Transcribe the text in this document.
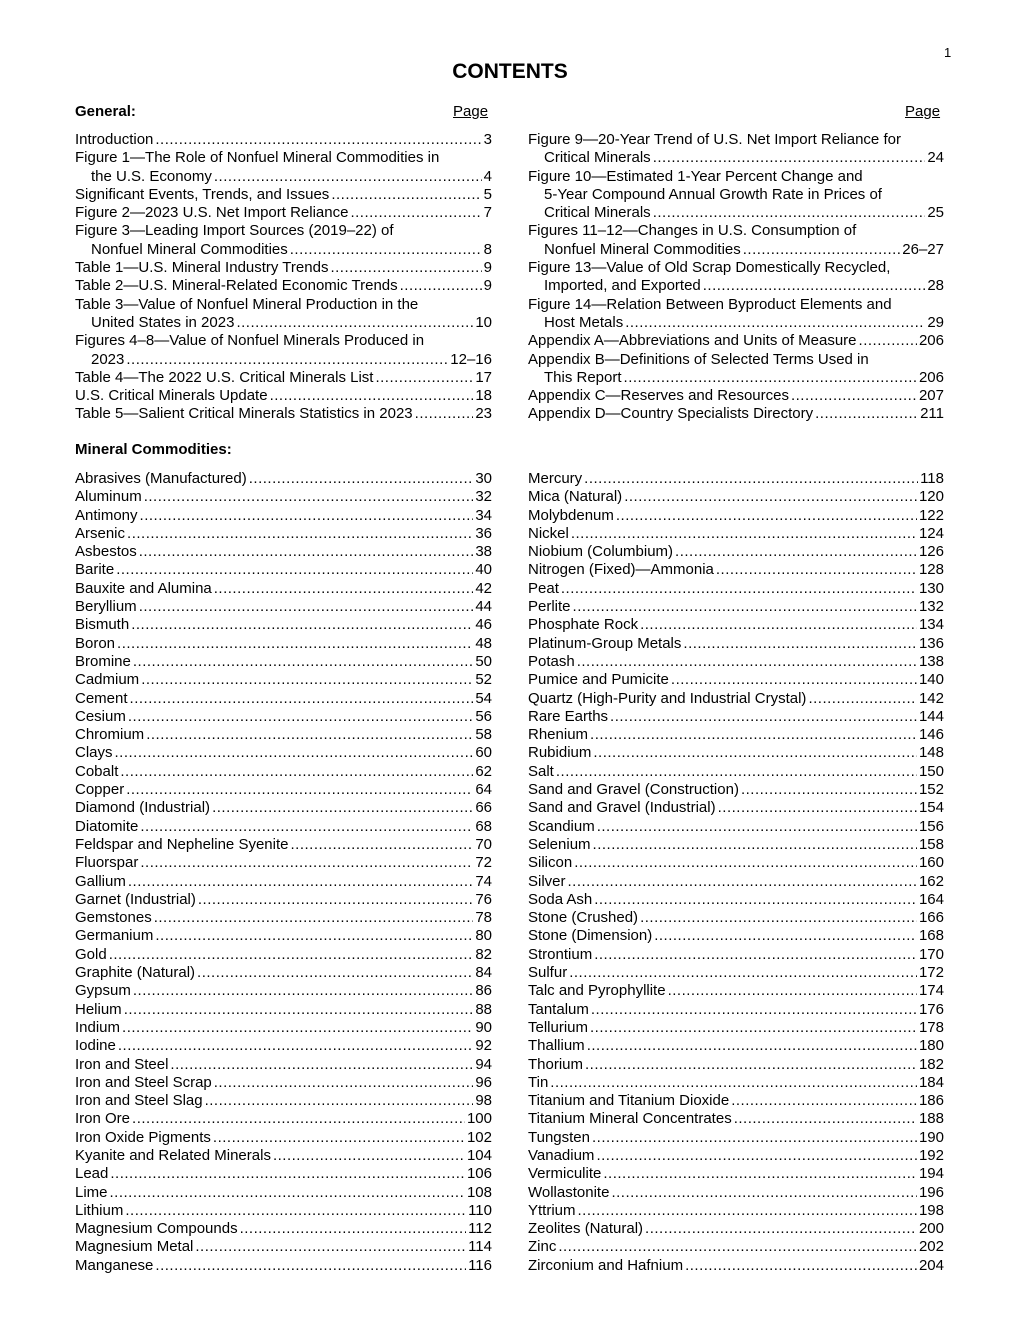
1
CONTENTS
General:	Page	Page
Introduction .....	3
Figure 1—The Role of Nonfuel Mineral Commodities in
the U.S. Economy .....	4
Significant Events, Trends, and Issues .....	5
Figure 2—2023 U.S. Net Import Reliance .....	7
Figure 3—Leading Import Sources (2019–22) of
Nonfuel Mineral Commodities .....	8
Table 1—U.S. Mineral Industry Trends .....	9
Table 2—U.S. Mineral-Related Economic Trends .....	9
Table 3—Value of Nonfuel Mineral Production in the
United States in 2023 .....	10
Figures 4–8—Value of Nonfuel Minerals Produced in
2023 .....	12–16
Table 4—The 2022 U.S. Critical Minerals List .....	17
U.S. Critical Minerals Update .....	18
Table 5—Salient Critical Minerals Statistics in 2023 .....	23
Figure 9—20-Year Trend of U.S. Net Import Reliance for
Critical Minerals .....	24
Figure 10—Estimated 1-Year Percent Change and
5-Year Compound Annual Growth Rate in Prices of
Critical Minerals .....	25
Figures 11–12—Changes in U.S. Consumption of
Nonfuel Mineral Commodities .....	26–27
Figure 13—Value of Old Scrap Domestically Recycled,
Imported, and Exported .....	28
Figure 14—Relation Between Byproduct Elements and
Host Metals .....	29
Appendix A—Abbreviations and Units of Measure .....	206
Appendix B—Definitions of Selected Terms Used in
This Report .....	206
Appendix C—Reserves and Resources .....	207
Appendix D—Country Specialists Directory .....	211
Mineral Commodities:
Abrasives (Manufactured) .....	30
Aluminum .....	32
Antimony .....	34
Arsenic .....	36
Asbestos .....	38
Barite .....	40
Bauxite and Alumina .....	42
Beryllium .....	44
Bismuth .....	46
Boron .....	48
Bromine .....	50
Cadmium .....	52
Cement .....	54
Cesium .....	56
Chromium .....	58
Clays .....	60
Cobalt .....	62
Copper .....	64
Diamond (Industrial) .....	66
Diatomite .....	68
Feldspar and Nepheline Syenite .....	70
Fluorspar .....	72
Gallium .....	74
Garnet (Industrial) .....	76
Gemstones .....	78
Germanium .....	80
Gold .....	82
Graphite (Natural) .....	84
Gypsum .....	86
Helium .....	88
Indium .....	90
Iodine .....	92
Iron and Steel .....	94
Iron and Steel Scrap .....	96
Iron and Steel Slag .....	98
Iron Ore .....	100
Iron Oxide Pigments .....	102
Kyanite and Related Minerals .....	104
Lead .....	106
Lime .....	108
Lithium .....	110
Magnesium Compounds .....	112
Magnesium Metal .....	114
Manganese .....	116
Mercury .....	118
Mica (Natural) .....	120
Molybdenum .....	122
Nickel .....	124
Niobium (Columbium) .....	126
Nitrogen (Fixed)—Ammonia .....	128
Peat .....	130
Perlite .....	132
Phosphate Rock .....	134
Platinum-Group Metals .....	136
Potash .....	138
Pumice and Pumicite .....	140
Quartz (High-Purity and Industrial Crystal) .....	142
Rare Earths .....	144
Rhenium .....	146
Rubidium .....	148
Salt .....	150
Sand and Gravel (Construction) .....	152
Sand and Gravel (Industrial) .....	154
Scandium .....	156
Selenium .....	158
Silicon .....	160
Silver .....	162
Soda Ash .....	164
Stone (Crushed) .....	166
Stone (Dimension) .....	168
Strontium .....	170
Sulfur .....	172
Talc and Pyrophyllite .....	174
Tantalum .....	176
Tellurium .....	178
Thallium .....	180
Thorium .....	182
Tin .....	184
Titanium and Titanium Dioxide .....	186
Titanium Mineral Concentrates .....	188
Tungsten .....	190
Vanadium .....	192
Vermiculite .....	194
Wollastonite .....	196
Yttrium .....	198
Zeolites (Natural) .....	200
Zinc .....	202
Zirconium and Hafnium .....	204
